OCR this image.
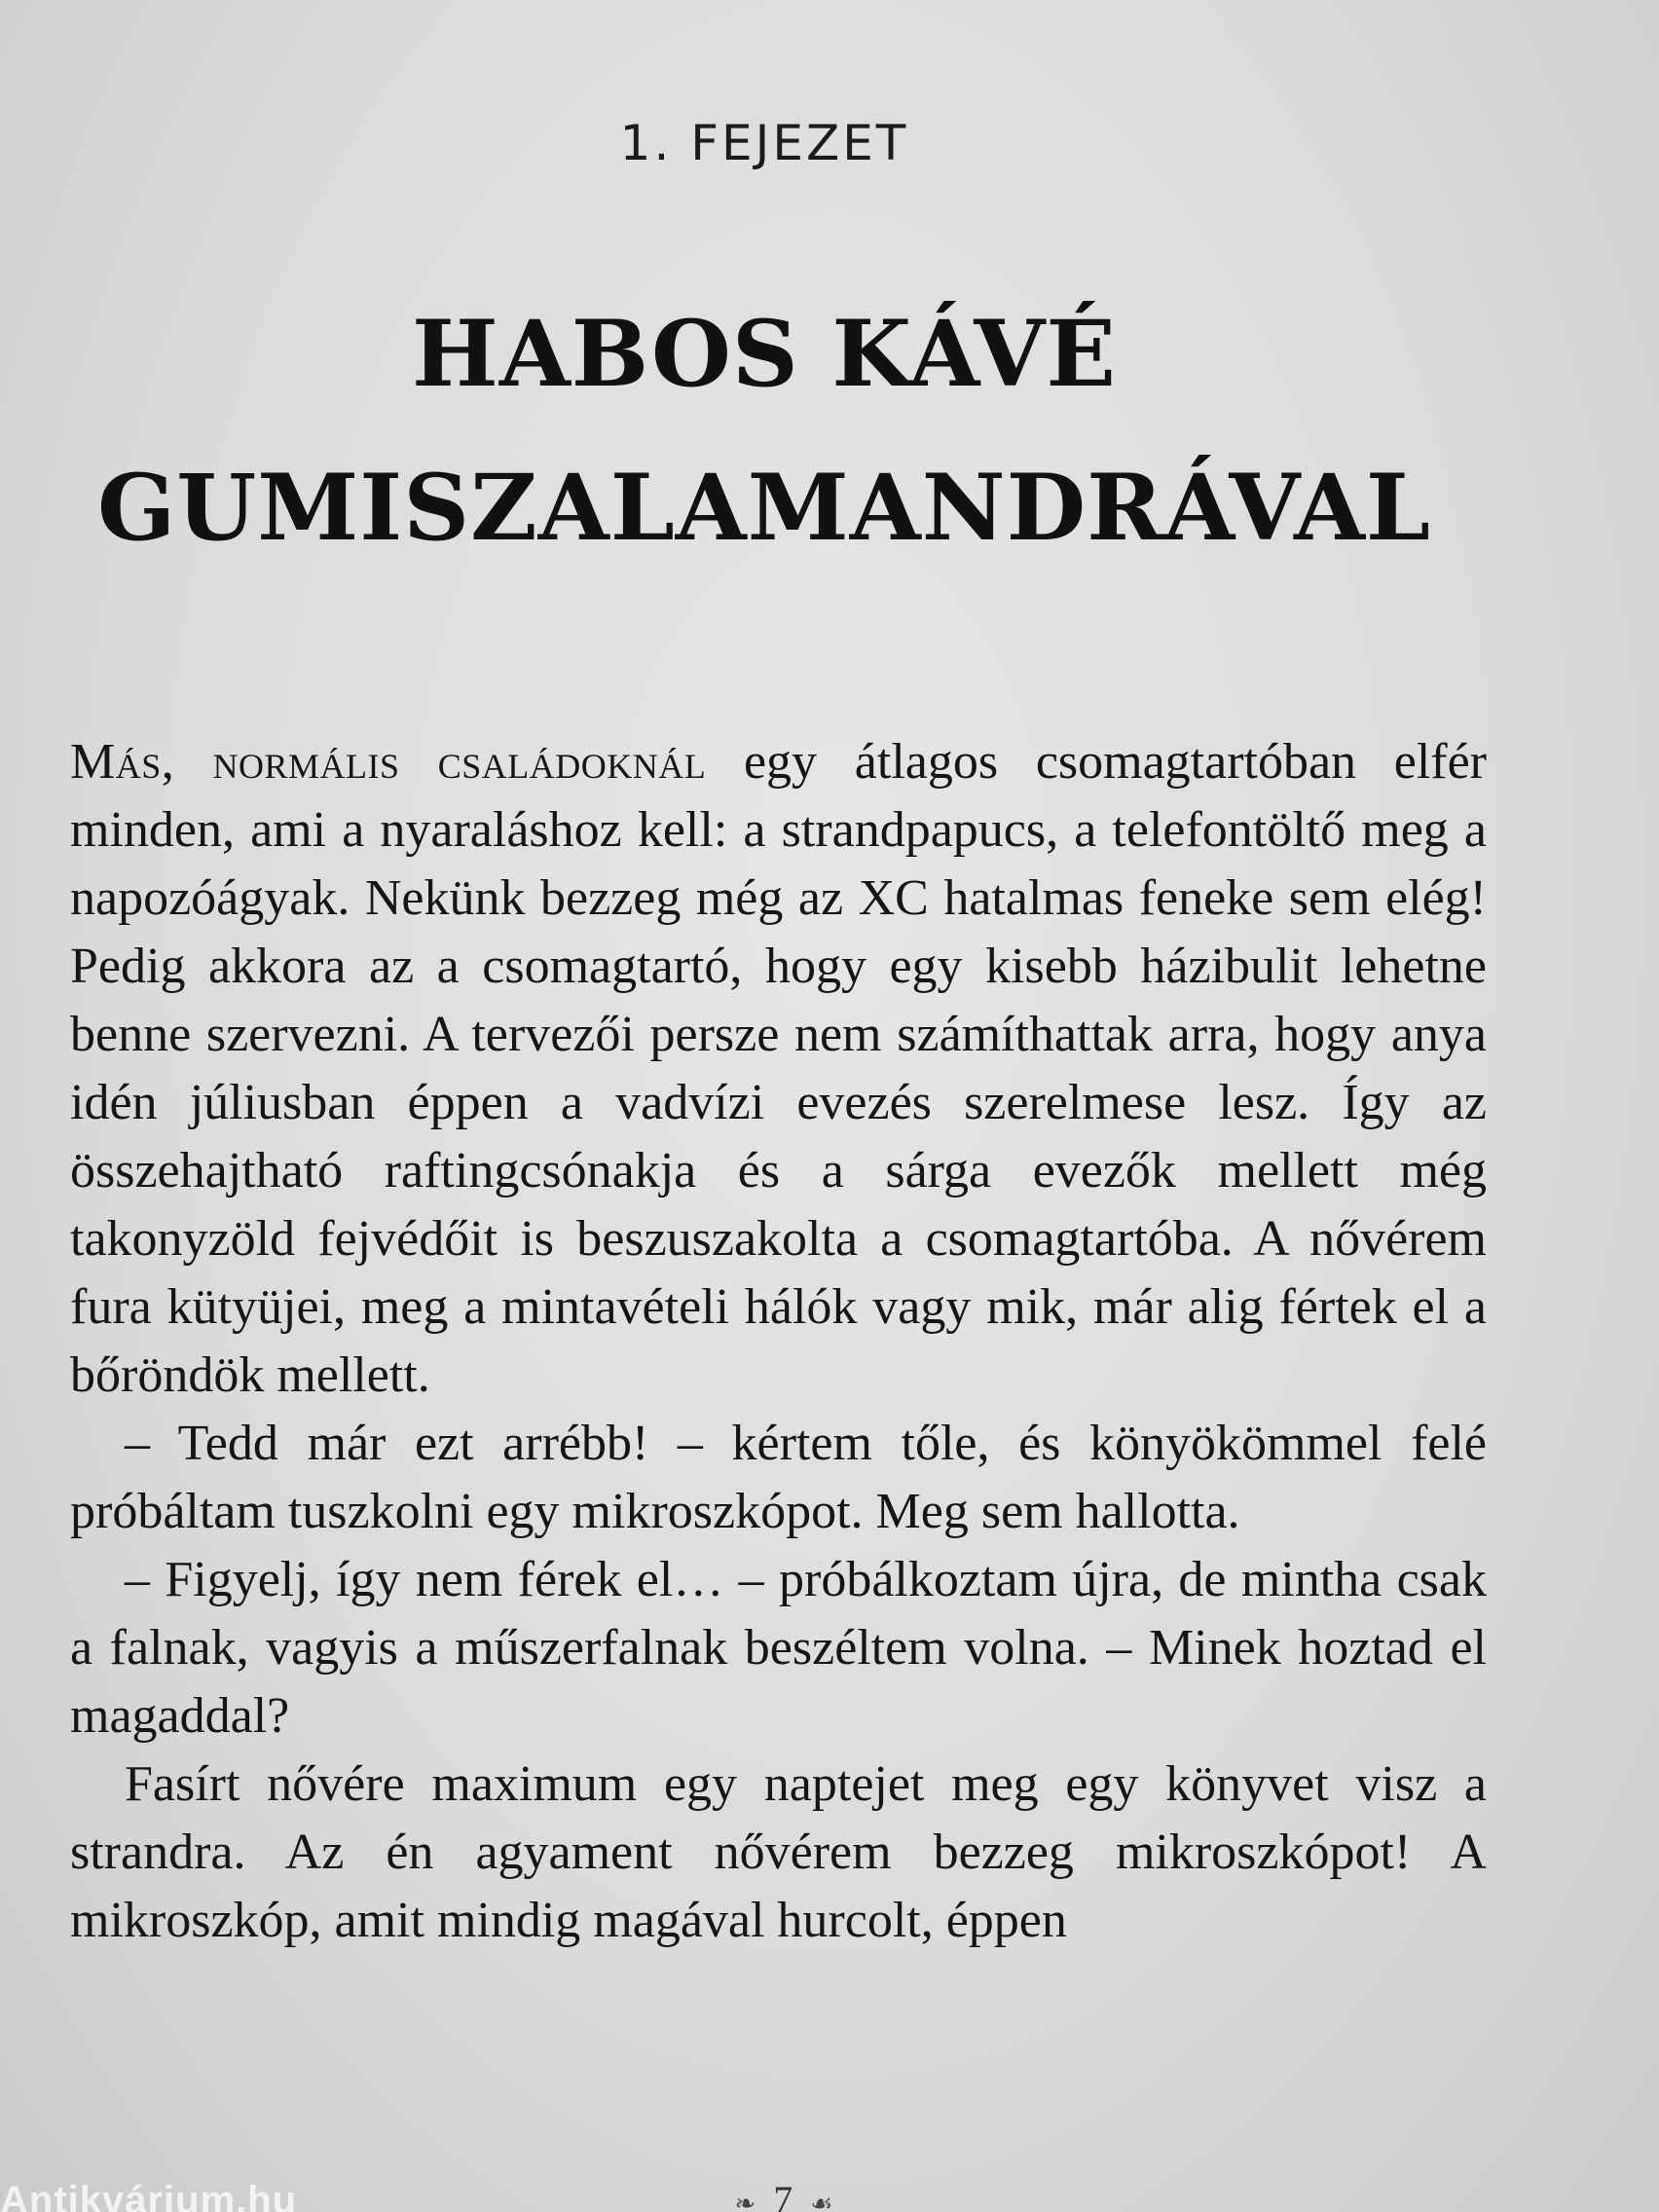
1. FEJEZET
HABOS KÁVÉ
GUMISZALAMANDRÁVAL

Más, normális családoknál egy átlagos csomagtartóban elfér minden, ami a nyaraláshoz kell: a strandpapucs, a telefontöltő meg a napozóágyak. Nekünk bezzeg még az XC hatalmas feneke sem elég! Pedig akkora az a csomagtartó, hogy egy kisebb házibulit lehetne benne szervezni. A tervezői persze nem számíthattak arra, hogy anya idén júliusban éppen a vadvízi evezés szerelmese lesz. Így az összehajtható raftingcsónakja és a sárga evezők mellett még takonyzöld fejvédőit is beszuszakolta a csomagtartóba. A nővérem fura kütyüjei, meg a mintavételi hálók vagy mik, már alig fértek el a bőröndök mellett.

– Tedd már ezt arrébb! – kértem tőle, és könyökömmel felé próbáltam tuszkolni egy mikroszkópot. Meg sem hallotta.

– Figyelj, így nem férek el… – próbálkoztam újra, de mintha csak a falnak, vagyis a műszerfalnak beszéltem volna. – Minek hoztad el magaddal?

Fasírt nővére maximum egy naptejet meg egy könyvet visz a strandra. Az én agyament nővérem bezzeg mikroszkópot! A mikroszkóp, amit mindig magával hurcolt, éppen

❧ 7 ☙
Antikvárium.hu
